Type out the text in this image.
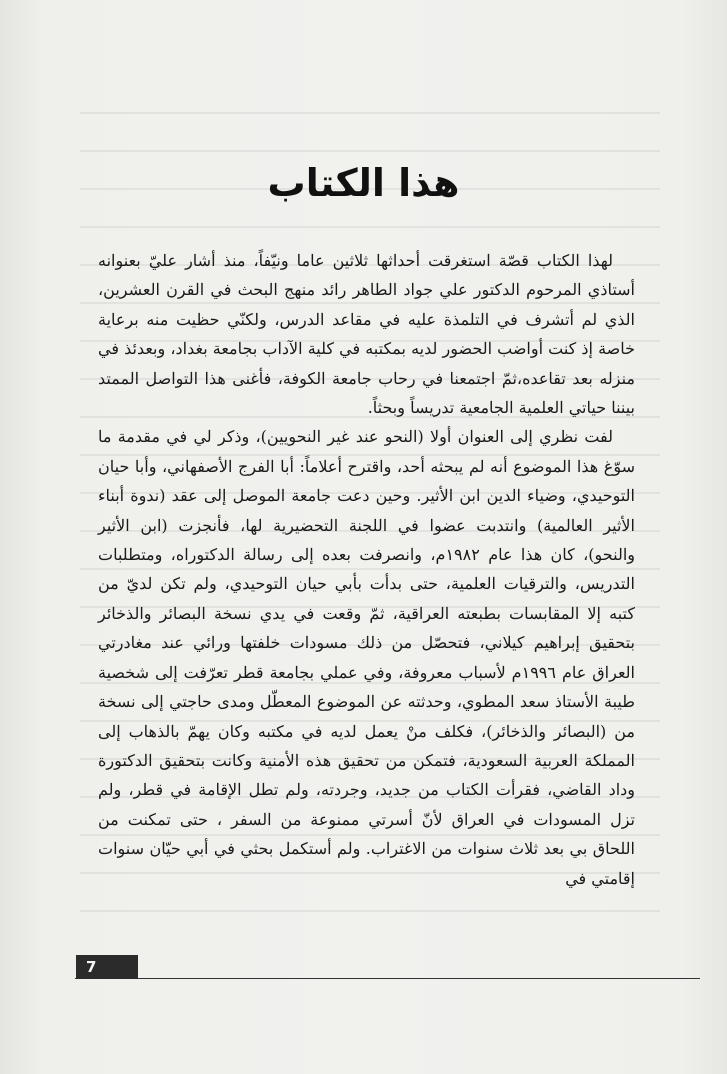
هذا الكتاب

لهذا الكتاب قصّة استغرقت أحداثها ثلاثين عاما ونيّفاً، منذ أشار عليّ بعنوانه أستاذي المرحوم الدكتور علي جواد الطاهر رائد منهج البحث في القرن العشرين، الذي لم أتشرف في التلمذة عليه في مقاعد الدرس، ولكنّي حظيت منه برعاية خاصة إذ كنت أواضب الحضور لديه بمكتبه في كلية الآداب بجامعة بغداد، وبعدئذ في منزله بعد تقاعده،ثمّ اجتمعنا في رحاب جامعة الكوفة، فأغنى هذا التواصل الممتد بيننا حياتي العلمية الجامعية تدريساً وبحثاً.

لفت نظري إلى العنوان أولا (النحو عند غير النحويين)، وذكر لي في مقدمة ما سوّغ هذا الموضوع أنه لم يبحثه أحد، واقترح أعلاماً: أبا الفرج الأصفهاني، وأبا حيان التوحيدي، وضياء الدين ابن الأثير. وحين دعت جامعة الموصل إلى عقد (ندوة أبناء الأثير العالمية) وانتدبت عضوا في اللجنة التحضيرية لها، فأنجزت (ابن الأثير والنحو)، كان هذا عام ١٩٨٢م، وانصرفت بعده إلى رسالة الدكتوراه، ومتطلبات التدريس، والترقيات العلمية، حتى بدأت بأبي حيان التوحيدي، ولم تكن لديّ من كتبه إلا المقابسات بطبعته العراقية، ثمّ وقعت في يدي نسخة البصائر والذخائر بتحقيق إبراهيم كيلاني، فتحصّل من ذلك مسودات خلفتها ورائي عند مغادرتي العراق عام ١٩٩٦م لأسباب معروفة، وفي عملي بجامعة قطر تعرّفت إلى شخصية طيبة الأستاذ سعد المطوي، وحدثته عن الموضوع المعطّل ومدى حاجتي إلى نسخة من (البصائر والذخائر)، فكلف منْ يعمل لديه في مكتبه وكان يهمّ بالذهاب إلى المملكة العربية السعودية، فتمكن من تحقيق هذه الأمنية وكانت بتحقيق الدكتورة وداد القاضي، فقرأت الكتاب من جديد، وجردته، ولم تطل الإقامة في قطر، ولم تزل المسودات في العراق لأنّ أسرتي ممنوعة من السفر ، حتى تمكنت من اللحاق بي بعد ثلاث سنوات من الاغتراب. ولم أستكمل بحثي في أبي حيّان سنوات إقامتي في

7
